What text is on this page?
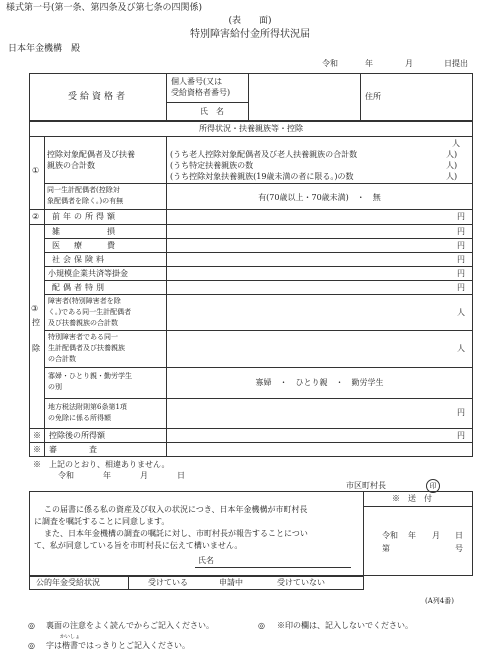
様式第一号(第一条、第四条及び第七条の四関係)
(表　　面)
特別障害給付金所得状況届
日本年金機構　殿
令和	年	月	日提出
受給資格者
個人番号(又は
受給資格者番号)
氏　名
住所
所得状況・扶養親族等・控除
①
控除対象配偶者及び扶養
親族の合計数
人
(うち老人控除対象配偶者及び老人扶養親族の合計数	人)
(うち特定扶養親族の数	人)
(うち控除対象扶養親族(19歳未満の者に限る。)の数	人)
同一生計配偶者(控除対
象配偶者を除く。)の有無	有(70歳以上・70歳未満)　・　無
② 前年の所得額	円
③
控
除
雑　　　　損	円
医　療　　費	円
社会保険料	円
小規模企業共済等掛金	円
配偶者特別	円
障害者(特別障害者を除
く。)である同一生計配偶者
及び扶養親族の合計数
人
特別障害者である同一
生計配偶者及び扶養親族
の合計数
人
寡婦・ひとり親・勤労学生
の別	寡婦　・　ひとり親　・　勤労学生
地方税法附則第6条第1項
の免除に係る所得額
円
※　控除後の所得額	円
※　審　　　　査
※　上記のとおり、相違ありません。
令和	年	月	日
市区町村長	印
※　送　付
この届書に係る私の資産及び収入の状況につき、日本年金機構が市町村長
に調査を嘱託することに同意します。
また、日本年金機構の調査の嘱託に対し、市町村長が報告することについ
て、私が同意している旨を市町村長に伝えて構いません。
氏名
令和 年 月 日
第	号
公的年金受給状況	受けている	申請中	受けていない
(A列4番)
◎ 裏面の注意をよく読んでからご記入ください。	◎ ※印の欄は、記入しないでください。
かいしょ
◎ 字は楷書ではっきりとご記入ください。
